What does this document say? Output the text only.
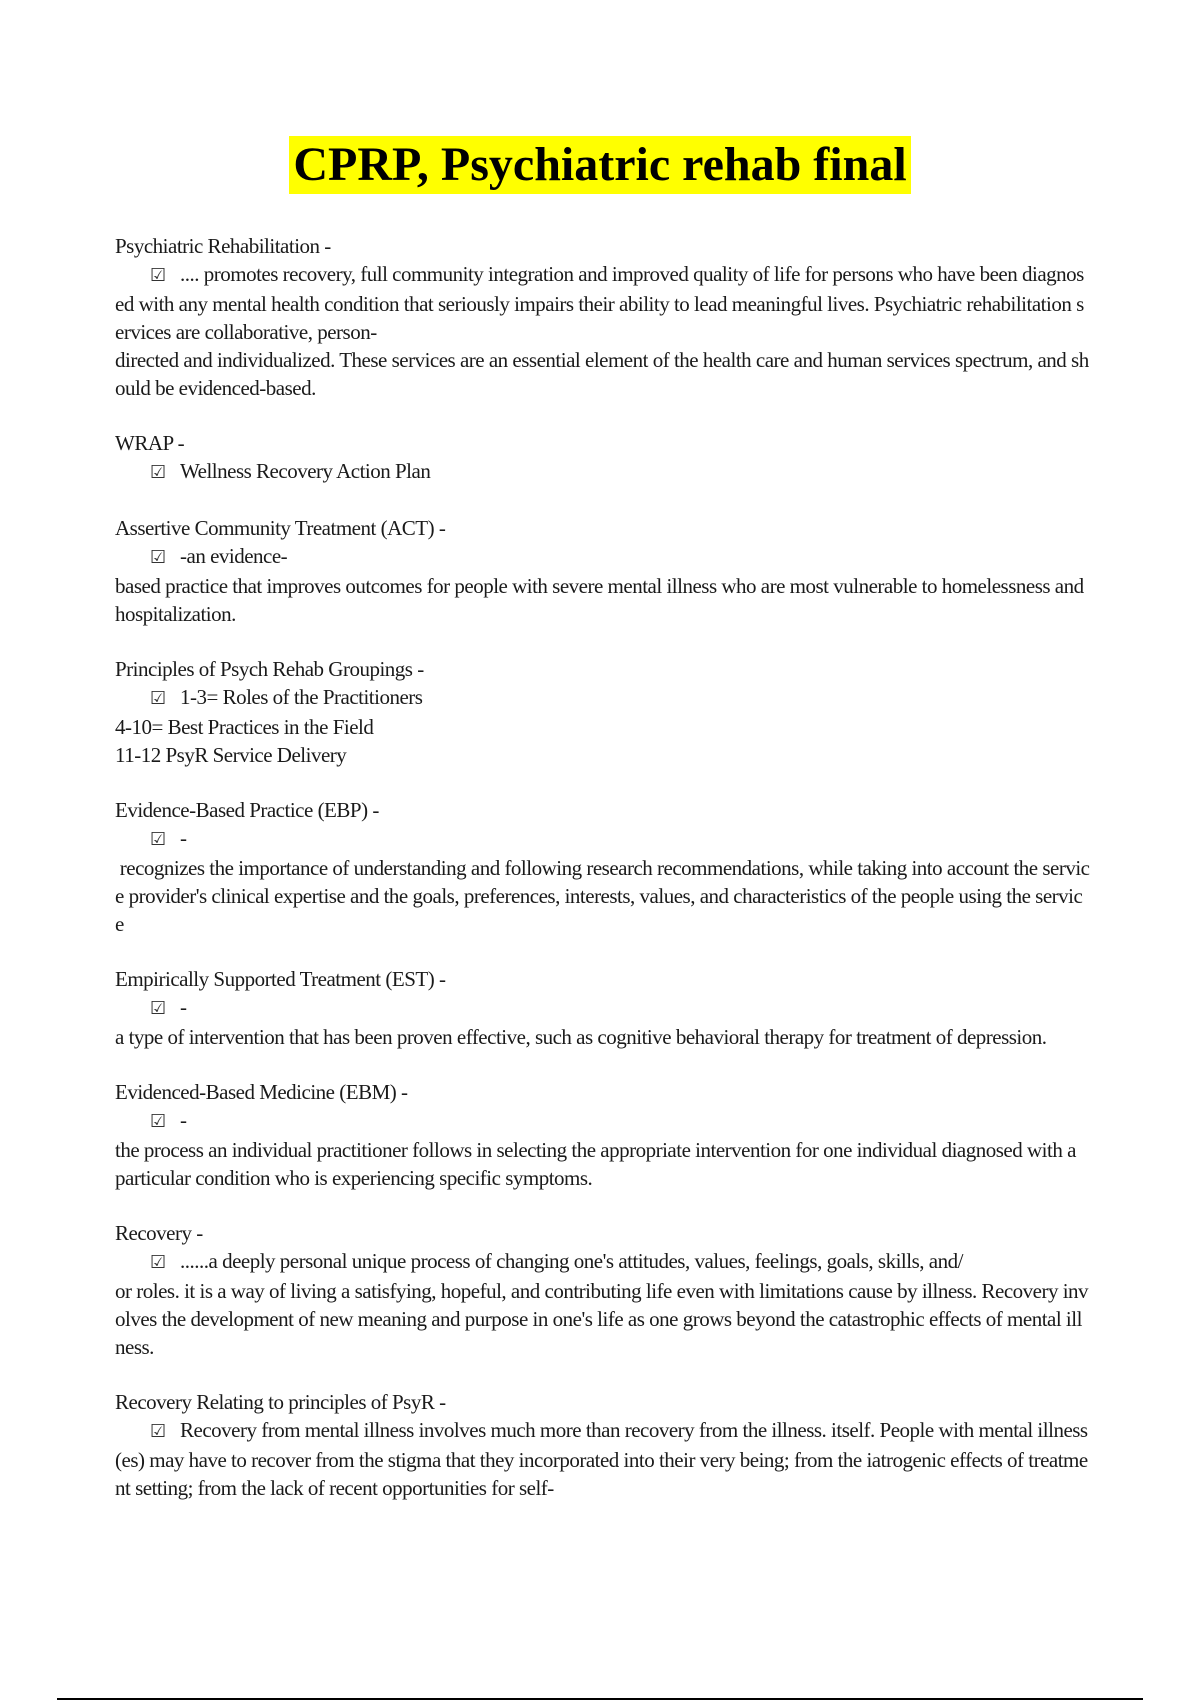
CPRP, Psychiatric rehab final
Psychiatric Rehabilitation -
☑ .... promotes recovery, full community integration and improved quality of life for persons who have been diagnosed with any mental health condition that seriously impairs their ability to lead meaningful lives. Psychiatric rehabilitation services are collaborative, person-
directed and individualized. These services are an essential element of the health care and human services spectrum, and should be evidenced-based.
WRAP -
☑ Wellness Recovery Action Plan
Assertive Community Treatment (ACT) -
☑ -an evidence-
based practice that improves outcomes for people with severe mental illness who are most vulnerable to homelessness and hospitalization.
Principles of Psych Rehab Groupings -
☑ 1-3= Roles of the Practitioners
4-10= Best Practices in the Field
11-12 PsyR Service Delivery
Evidence-Based Practice (EBP) -
☑ -
recognizes the importance of understanding and following research recommendations, while taking into account the service provider's clinical expertise and the goals, preferences, interests, values, and characteristics of the people using the service
Empirically Supported Treatment (EST) -
☑ -
a type of intervention that has been proven effective, such as cognitive behavioral therapy for treatment of depression.
Evidenced-Based Medicine (EBM) -
☑ -
the process an individual practitioner follows in selecting the appropriate intervention for one individual diagnosed with a particular condition who is experiencing specific symptoms.
Recovery -
☑ ......a deeply personal unique process of changing one's attitudes, values, feelings, goals, skills, and/
or roles. it is a way of living a satisfying, hopeful, and contributing life even with limitations cause by illness. Recovery involves the development of new meaning and purpose in one's life as one grows beyond the catastrophic effects of mental illness.
Recovery Relating to principles of PsyR -
☑ Recovery from mental illness involves much more than recovery from the illness. itself. People with mental illness(es) may have to recover from the stigma that they incorporated into their very being; from the iatrogenic effects of treatment setting; from the lack of recent opportunities for self-
